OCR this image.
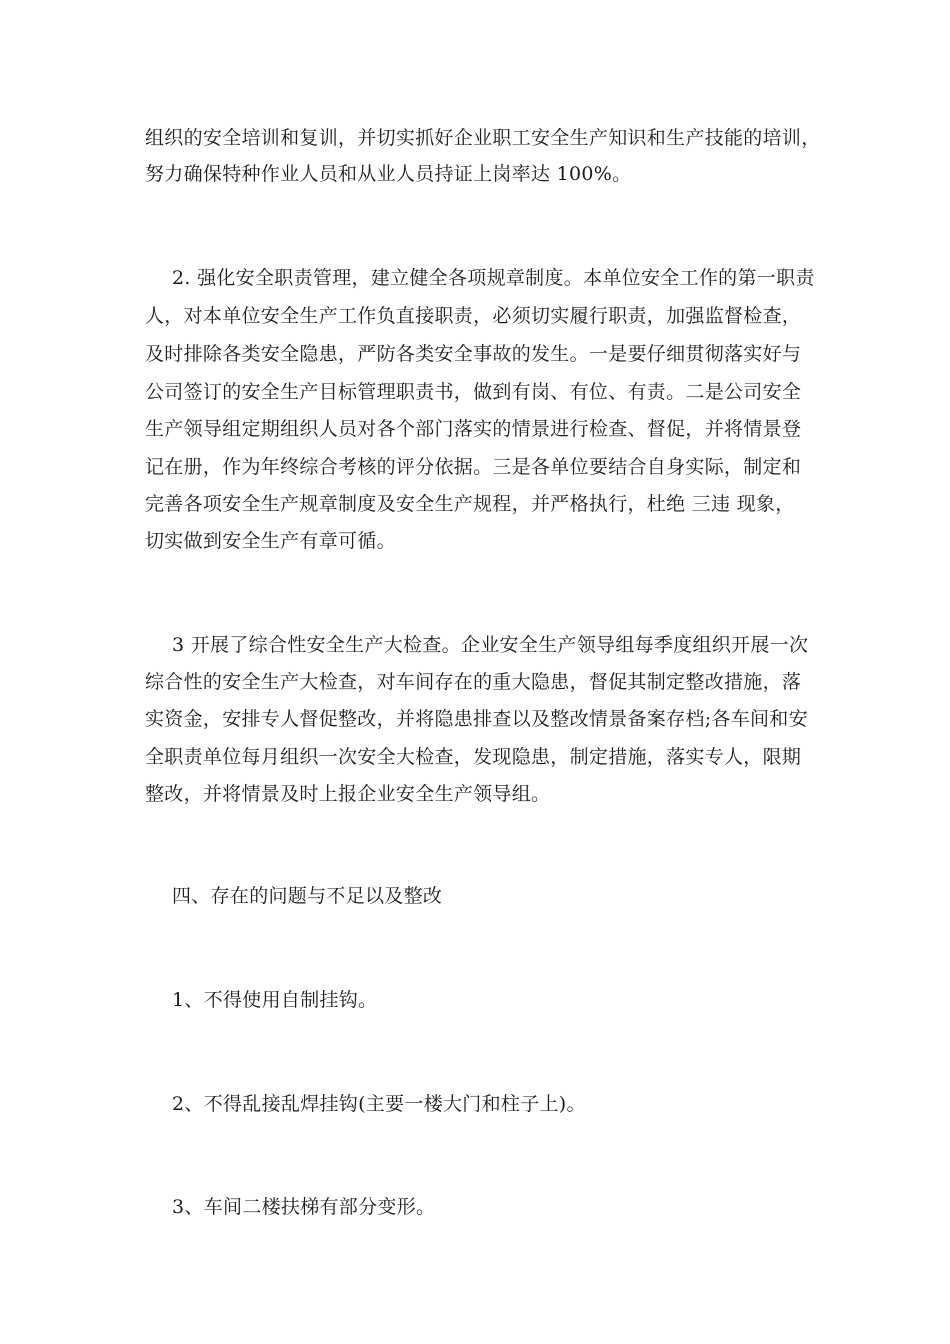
组织的安全培训和复训，并切实抓好企业职工安全生产知识和生产技能的培训，
努力确保特种作业人员和从业人员持证上岗率达 100%。
2. 强化安全职责管理，建立健全各项规章制度。本单位安全工作的第一职责
人，对本单位安全生产工作负直接职责，必须切实履行职责，加强监督检查，
及时排除各类安全隐患，严防各类安全事故的发生。一是要仔细贯彻落实好与
公司签订的安全生产目标管理职责书，做到有岗、有位、有责。二是公司安全
生产领导组定期组织人员对各个部门落实的情景进行检查、督促，并将情景登
记在册，作为年终综合考核的评分依据。三是各单位要结合自身实际，制定和
完善各项安全生产规章制度及安全生产规程，并严格执行，杜绝 三违 现象，
切实做到安全生产有章可循。
3 开展了综合性安全生产大检查。企业安全生产领导组每季度组织开展一次
综合性的安全生产大检查，对车间存在的重大隐患，督促其制定整改措施，落
实资金，安排专人督促整改，并将隐患排查以及整改情景备案存档;各车间和安
全职责单位每月组织一次安全大检查，发现隐患，制定措施，落实专人，限期
整改，并将情景及时上报企业安全生产领导组。
四、存在的问题与不足以及整改
1、不得使用自制挂钩。
2、不得乱接乱焊挂钩(主要一楼大门和柱子上)。
3、车间二楼扶梯有部分变形。
